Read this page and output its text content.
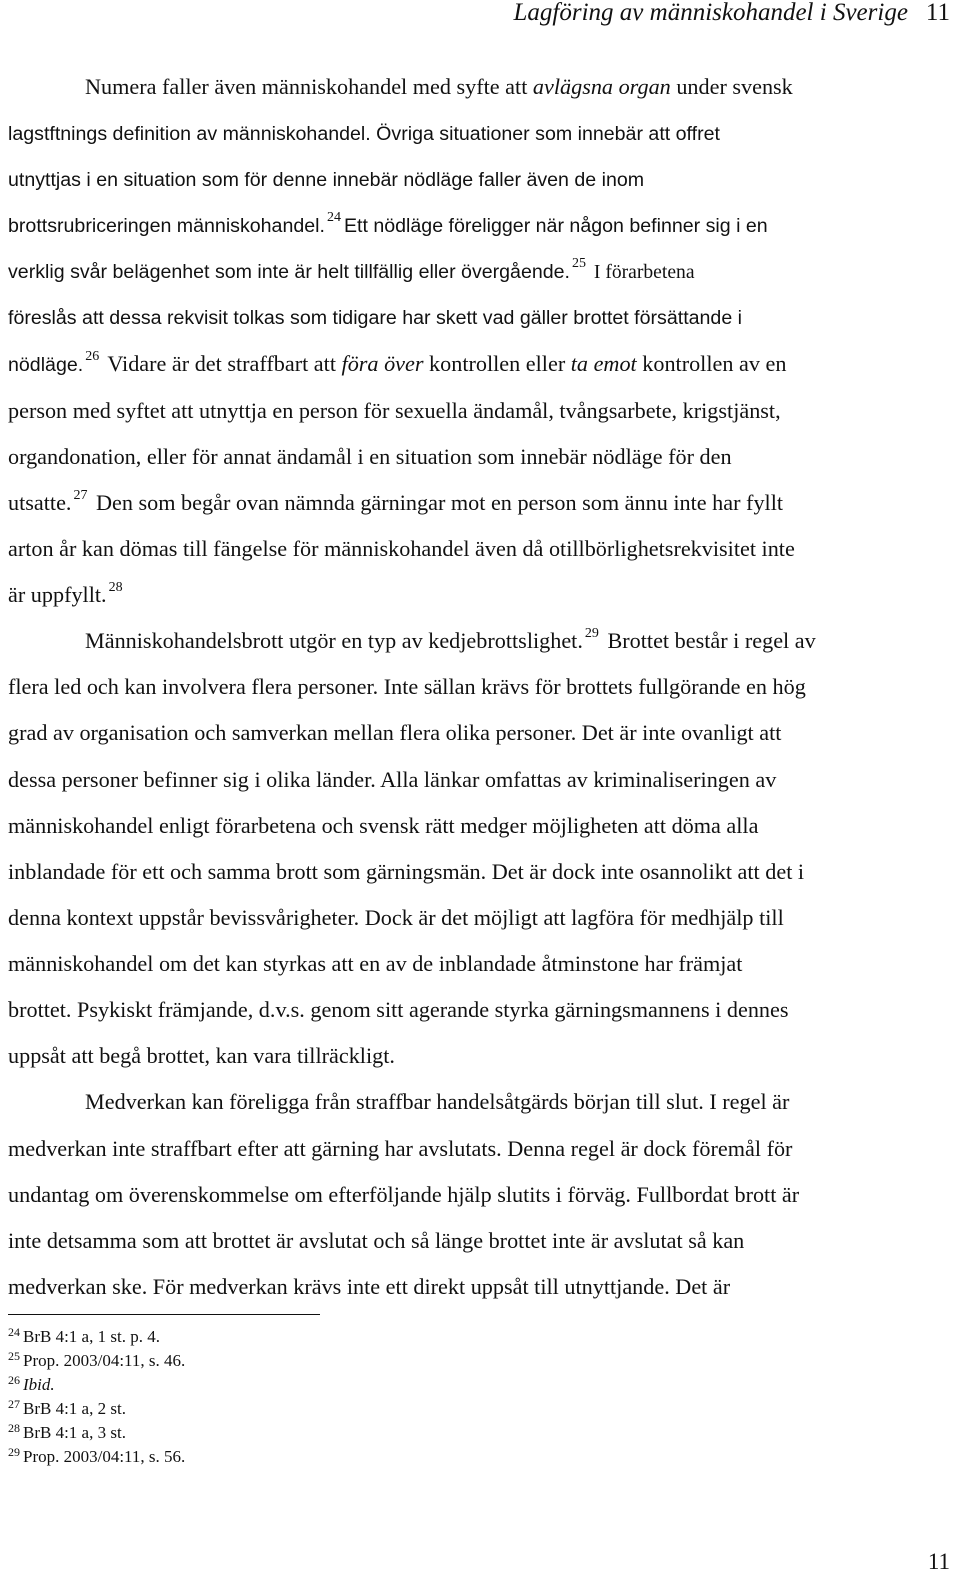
Lagföring av människohandel i Sverige 11
Numera faller även människohandel med syfte att avlägsna organ under svensk
lagstftnings definition av människohandel. Övriga situationer som innebär att offret
utnyttjas i en situation som för denne innebär nödläge faller även de inom
brottsrubriceringen människohandel. $^{24}$ Ett nödläge föreligger när någon befinner sig i en
verklig svår belägenhet som inte är helt tillfällig eller övergående. $^{25}$ I förarbetena
föreslås att dessa rekvisit tolkas som tidigare har skett vad gäller brottet försättande i
nödläge. $^{26}$ Vidare är det straffbart att föra över kontrollen eller ta emot kontrollen av en
person med syftet att utnyttja en person för sexuella ändamål, tvångsarbete, krigstjänst,
organdonation, eller för annat ändamål i en situation som innebär nödläge för den
utsatte. $^{27}$ Den som begår ovan nämnda gärningar mot en person som ännu inte har fyllt
arton år kan dömas till fängelse för människohandel även då otillbörlighetsrekvisitet inte
är uppfyllt. $^{28}$
Människohandelsbrott utgör en typ av kedjebrottslighet. $^{29}$ Brottet består i regel av
flera led och kan involvera flera personer. Inte sällan krävs för brottets fullgörande en hög
grad av organisation och samverkan mellan flera olika personer. Det är inte ovanligt att
dessa personer befinner sig i olika länder. Alla länkar omfattas av kriminaliseringen av
människohandel enligt förarbetena och svensk rätt medger möjligheten att döma alla
inblandade för ett och samma brott som gärningsmän. Det är dock inte osannolikt att det i
denna kontext uppstår bevissvårigheter. Dock är det möjligt att lagföra för medhjälp till
människohandel om det kan styrkas att en av de inblandade åtminstone har främjat
brottet. Psykiskt främjande, d.v.s. genom sitt agerande styrka gärningsmannens i dennes
uppsåt att begå brottet, kan vara tillräckligt.
Medverkan kan föreligga från straffbar handelsåtgärds början till slut. I regel är
medverkan inte straffbart efter att gärning har avslutats. Denna regel är dock föremål för
undantag om överenskommelse om efterföljande hjälp slutits i förväg. Fullbordat brott är
inte detsamma som att brottet är avslutat och så länge brottet inte är avslutat så kan
medverkan ske. För medverkan krävs inte ett direkt uppsåt till utnyttjande. Det är
$^{24}$ BrB 4:1 a, 1 st. p. 4.
$^{25}$ Prop. 2003/04:11, s. 46.
$^{26}$ Ibid.
$^{27}$ BrB 4:1 a, 2 st.
$^{28}$ BrB 4:1 a, 3 st.
$^{29}$ Prop. 2003/04:11, s. 56.
11
